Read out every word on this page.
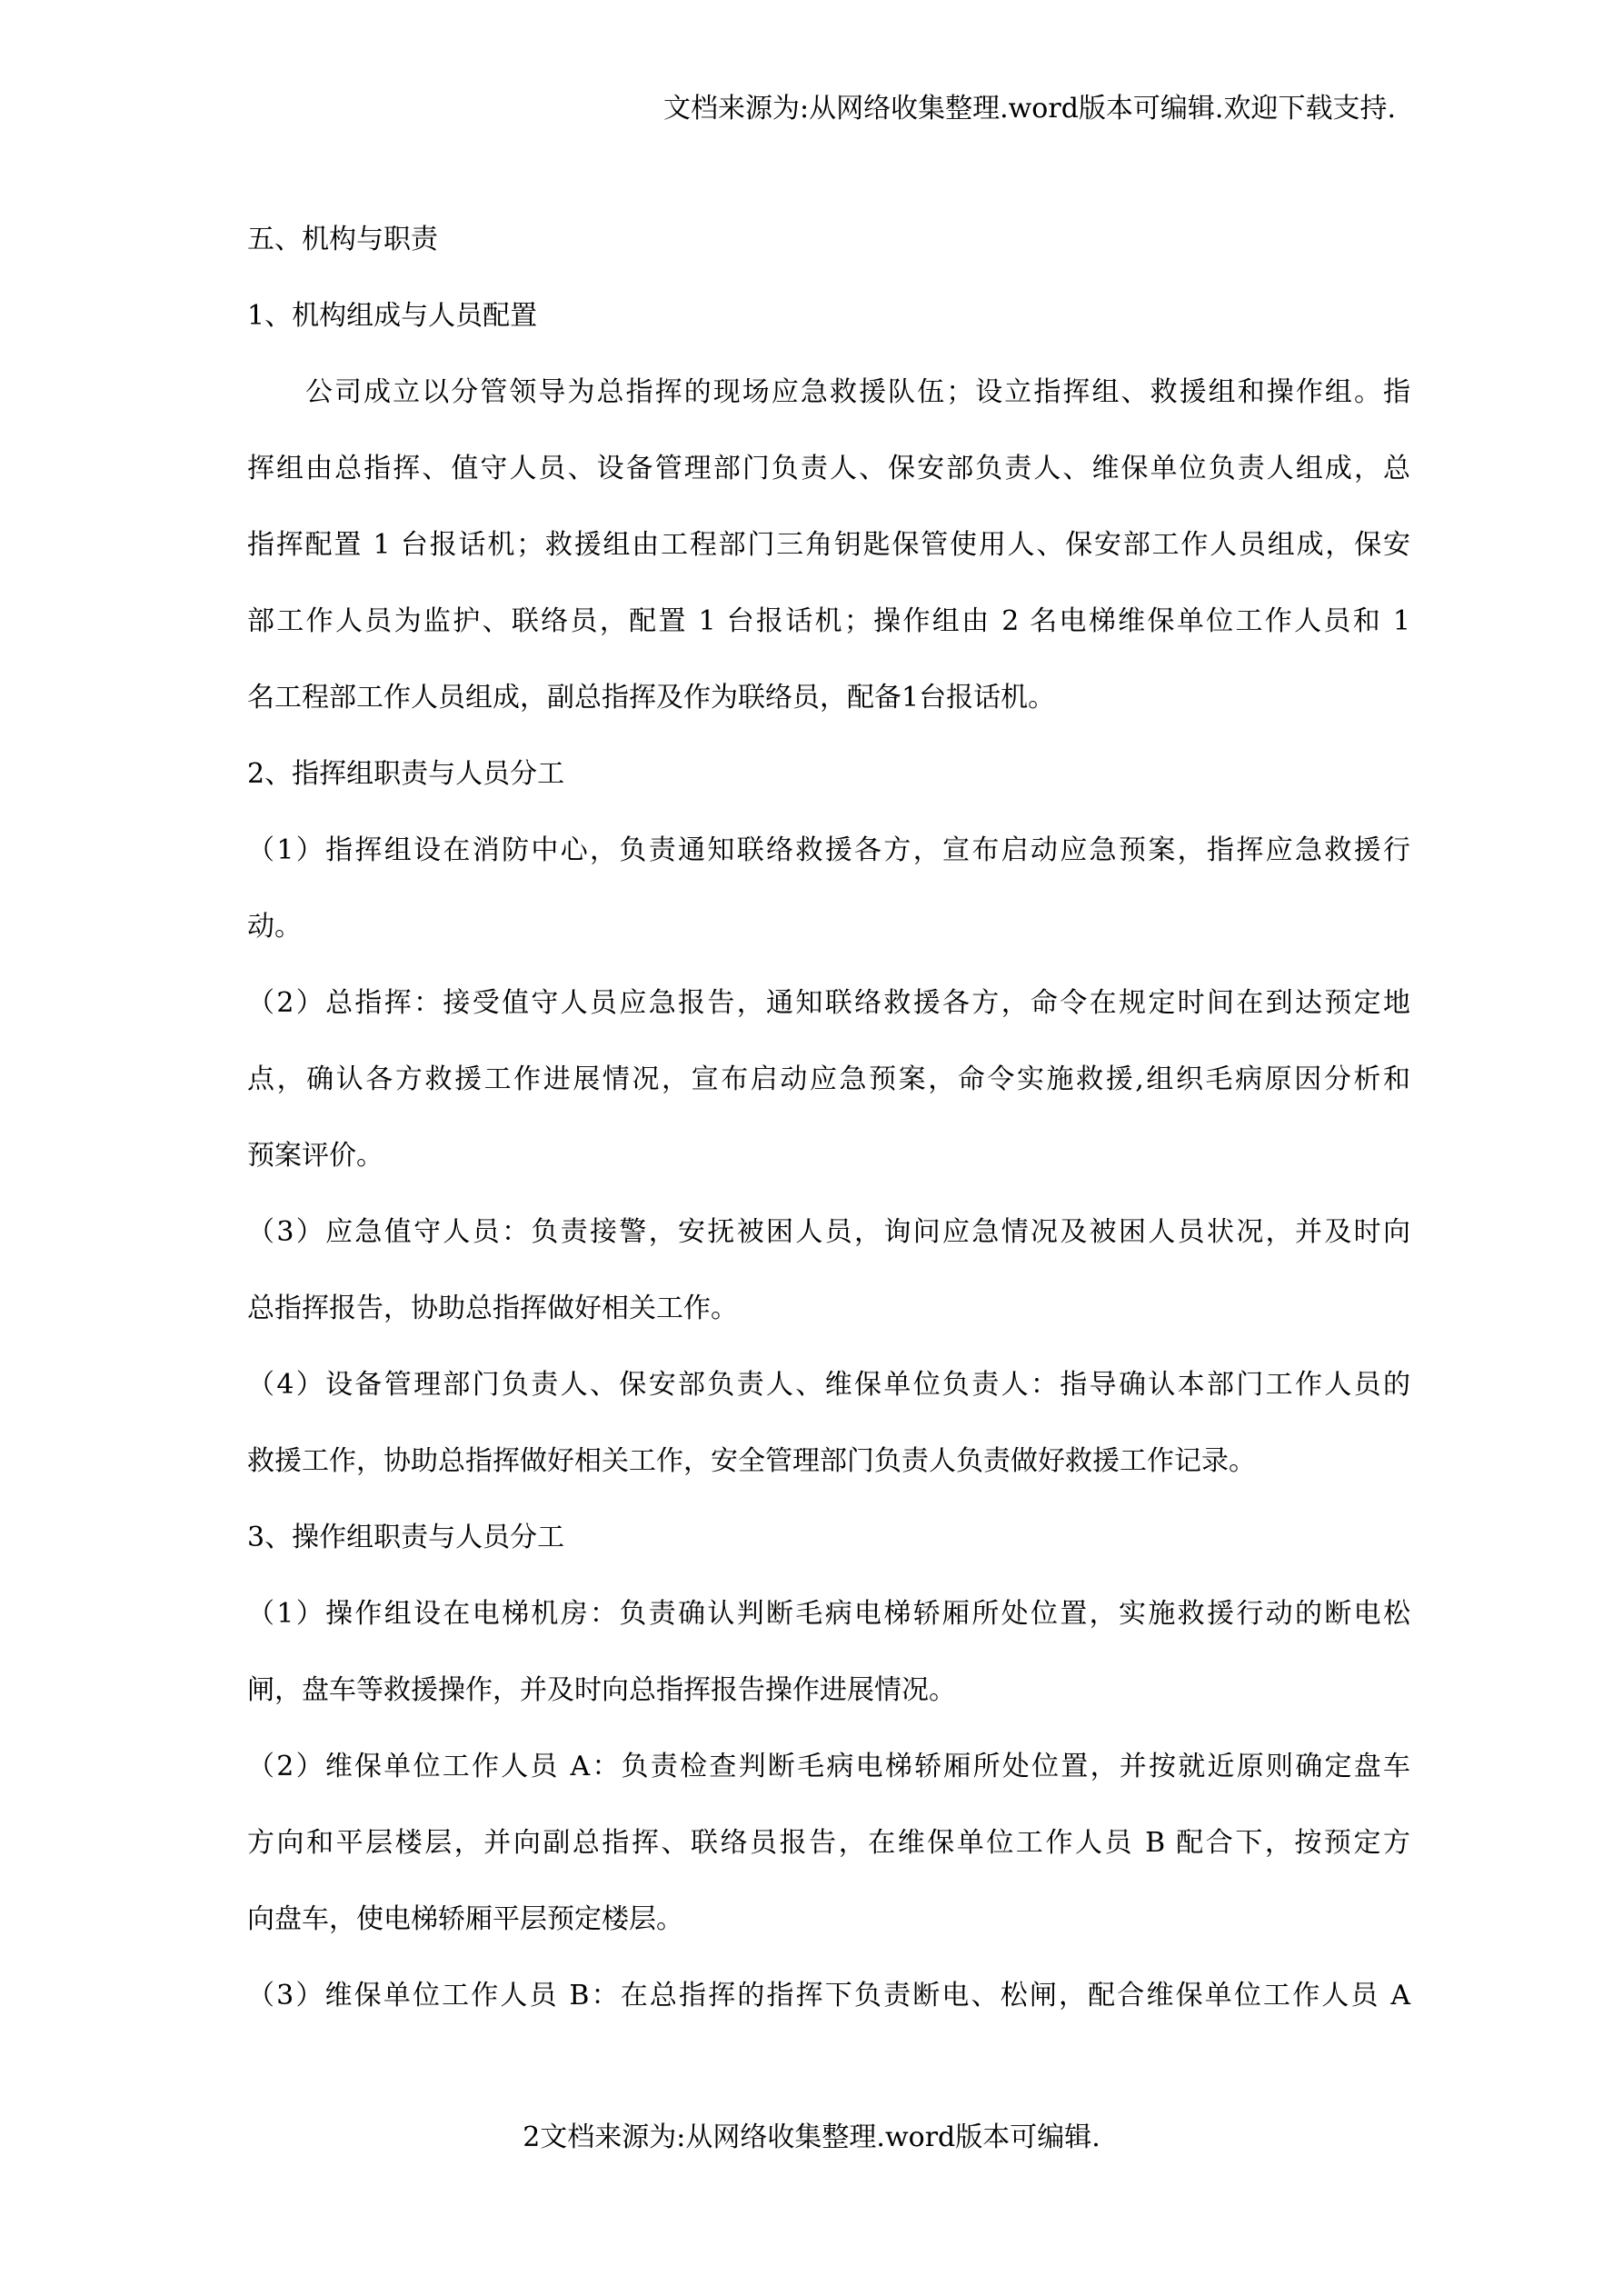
文档来源为:从网络收集整理.word版本可编辑.欢迎下载支持.
五、机构与职责
1、机构组成与人员配置
公司成立以分管领导为总指挥的现场应急救援队伍；设立指挥组、救援组和操作组。指
挥组由总指挥、值守人员、设备管理部门负责人、保安部负责人、维保单位负责人组成，总
指挥配置 1 台报话机；救援组由工程部门三角钥匙保管使用人、保安部工作人员组成，保安
部工作人员为监护、联络员，配置 1 台报话机；操作组由 2 名电梯维保单位工作人员和 1
名工程部工作人员组成，副总指挥及作为联络员，配备1台报话机。
2、指挥组职责与人员分工
（1）指挥组设在消防中心，负责通知联络救援各方，宣布启动应急预案，指挥应急救援行
动。
（2）总指挥：接受值守人员应急报告，通知联络救援各方，命令在规定时间在到达预定地
点，确认各方救援工作进展情况，宣布启动应急预案，命令实施救援,组织毛病原因分析和
预案评价。
（3）应急值守人员：负责接警，安抚被困人员，询问应急情况及被困人员状况，并及时向
总指挥报告，协助总指挥做好相关工作。
（4）设备管理部门负责人、保安部负责人、维保单位负责人：指导确认本部门工作人员的
救援工作，协助总指挥做好相关工作，安全管理部门负责人负责做好救援工作记录。
3、操作组职责与人员分工
（1）操作组设在电梯机房：负责确认判断毛病电梯轿厢所处位置，实施救援行动的断电松
闸，盘车等救援操作，并及时向总指挥报告操作进展情况。
（2）维保单位工作人员 A：负责检查判断毛病电梯轿厢所处位置，并按就近原则确定盘车
方向和平层楼层，并向副总指挥、联络员报告，在维保单位工作人员 B 配合下，按预定方
向盘车，使电梯轿厢平层预定楼层。
（3）维保单位工作人员 B：在总指挥的指挥下负责断电、松闸，配合维保单位工作人员 A
2文档来源为:从网络收集整理.word版本可编辑.
